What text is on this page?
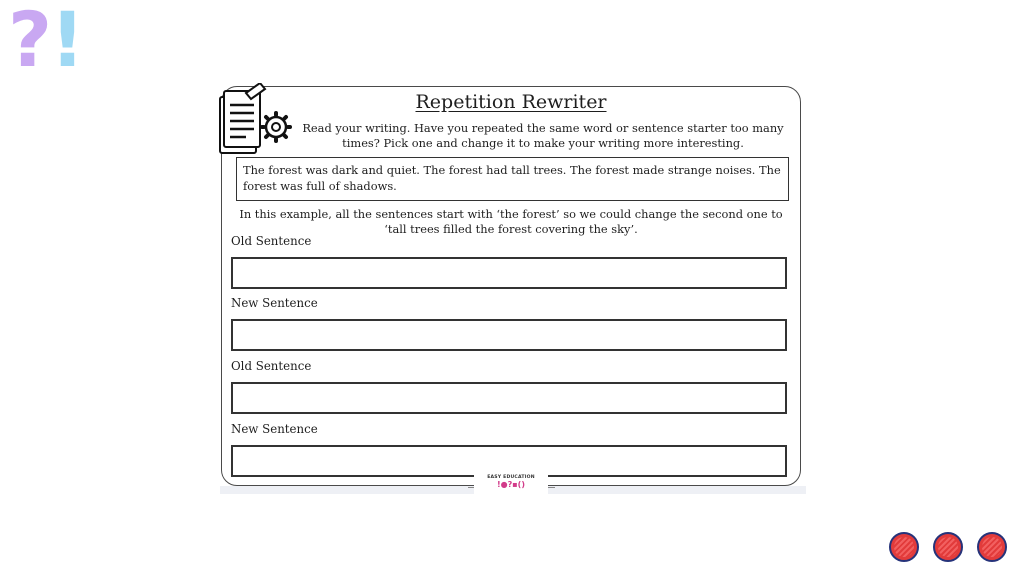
?!
Repetition Rewriter
Read your writing. Have you repeated the same word or sentence starter too many times? Pick one and change it to make your writing more interesting.
The forest was dark and quiet. The forest had tall trees. The forest made strange noises. The forest was full of shadows.
In this example, all the sentences start with ‘the forest’ so we could change the second one to ‘tall trees filled the forest covering the sky’.
Old Sentence
New Sentence
Old Sentence
New Sentence
EASY EDUCATION
!●?▪()
